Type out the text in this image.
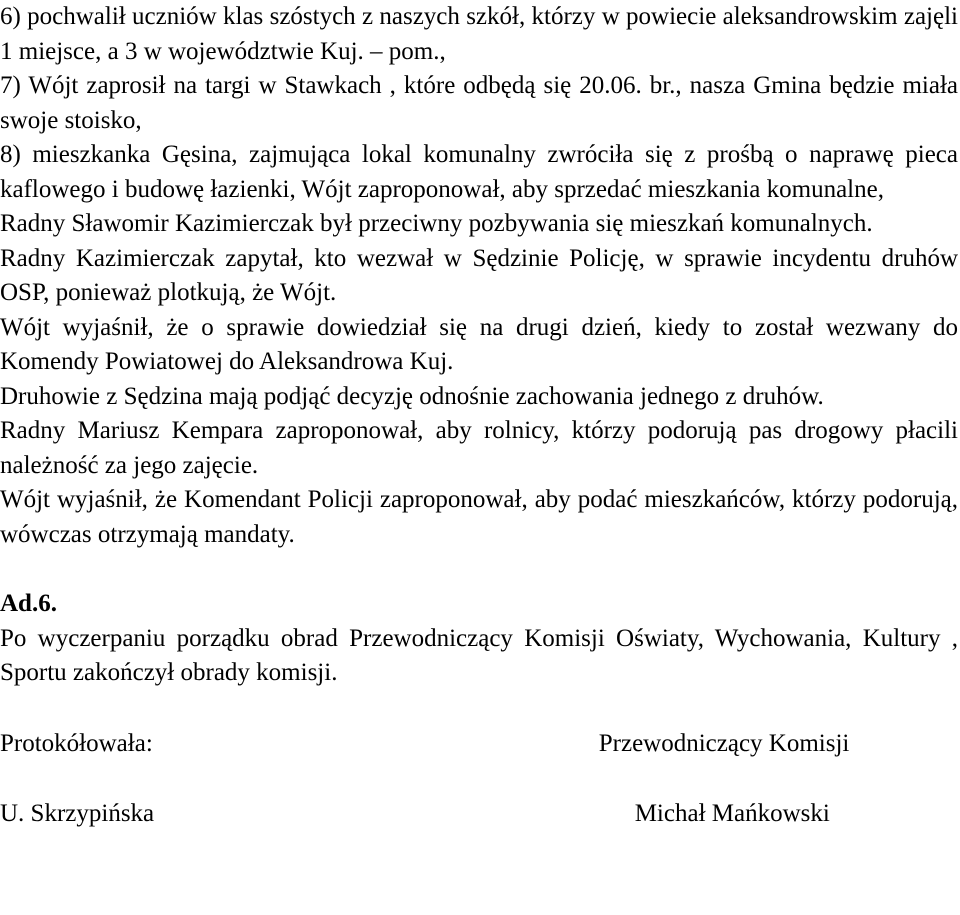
6) pochwalił uczniów klas szóstych z naszych szkół, którzy w powiecie aleksandrowskim zajęli 1 miejsce, a 3 w województwie Kuj. – pom.,

7) Wójt zaprosił na targi w Stawkach , które odbędą się 20.06. br., nasza Gmina będzie miała swoje stoisko,

8) mieszkanka Gęsina, zajmująca lokal komunalny zwróciła się z prośbą o naprawę pieca kaflowego i budowę łazienki, Wójt zaproponował, aby sprzedać mieszkania komunalne,

Radny Sławomir Kazimierczak był przeciwny pozbywania się mieszkań komunalnych.

Radny Kazimierczak zapytał, kto wezwał w Sędzinie Policję, w sprawie incydentu druhów OSP, ponieważ plotkują, że Wójt.

Wójt wyjaśnił, że o sprawie dowiedział się na drugi dzień, kiedy to został wezwany do Komendy Powiatowej do Aleksandrowa Kuj.

Druhowie z Sędzina mają podjąć decyzję odnośnie zachowania jednego z druhów.

Radny Mariusz Kempara zaproponował, aby rolnicy, którzy podorują pas drogowy płacili należność za jego zajęcie.

Wójt wyjaśnił, że Komendant Policji zaproponował, aby podać mieszkańców, którzy podorują, wówczas otrzymają mandaty.

Ad.6.

Po wyczerpaniu porządku obrad Przewodniczący Komisji Oświaty, Wychowania, Kultury , Sportu zakończył obrady komisji.

Protokółowała:	Przewodniczący Komisji
U. Skrzypińska	Michał Mańkowski
